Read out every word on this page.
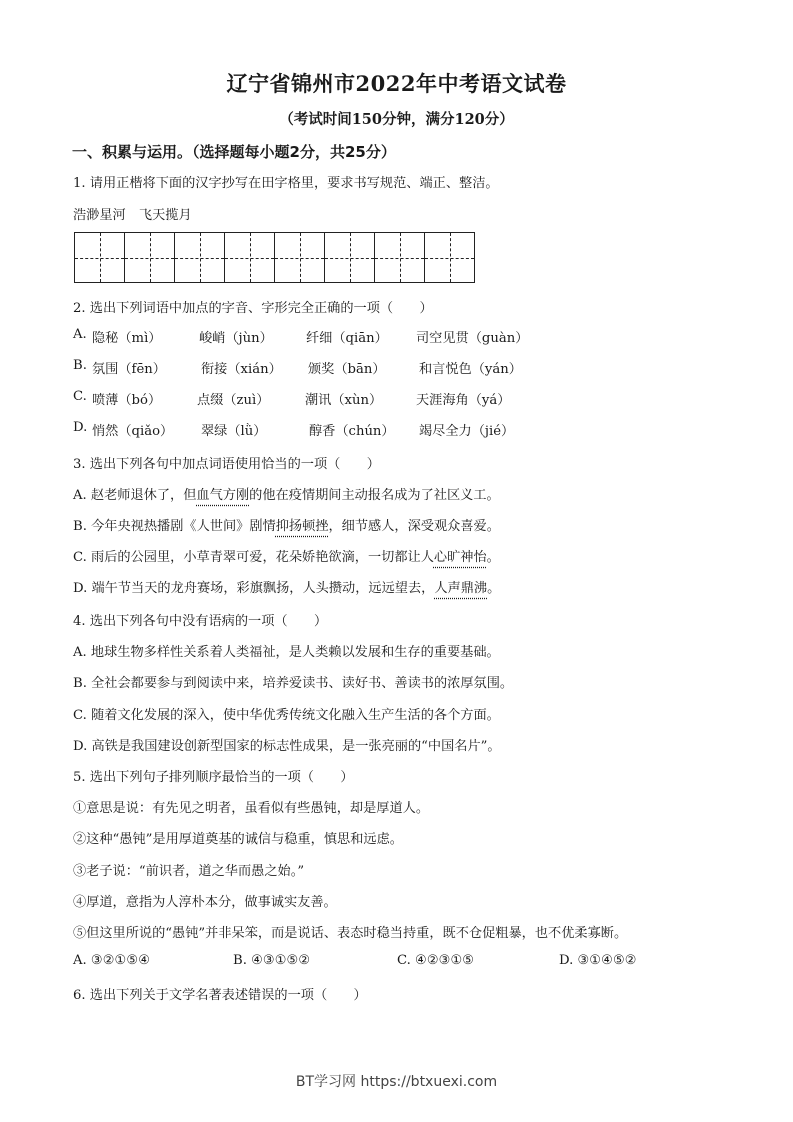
辽宁省锦州市2022年中考语文试卷
（考试时间150分钟，满分120分）
一、积累与运用。（选择题每小题2分，共25分）
1. 请用正楷将下面的汉字抄写在田字格里，要求书写规范、端正、整洁。
浩渺星河　飞天揽月
2. 选出下列词语中加点的字音、字形完全正确的一项（　　）
A. 隐秘（mì）	峻峭（jùn）	纤细（qiān） 司空见贯（guàn）
B. 氛围（fēn）	衔接（xián） 颁奖（bān）	和言悦色（yán）
C. 喷薄（bó）	点缀（zuì）	潮讯（xùn）	天涯海角（yá）
D. 悄然（qiǎo） 翠绿（lǜ）	醇香（chún） 竭尽全力（jié）
3. 选出下列各句中加点词语使用恰当的一项（　　）
A. 赵老师退休了，但血气方刚的他在疫情期间主动报名成为了社区义工。
B. 今年央视热播剧《人世间》剧情抑扬顿挫，细节感人，深受观众喜爱。
C. 雨后的公园里，小草青翠可爱，花朵娇艳欲滴，一切都让人心旷神怡。
D. 端午节当天的龙舟赛场，彩旗飘扬，人头攒动，远远望去，人声鼎沸。
4. 选出下列各句中没有语病的一项（　　）
A. 地球生物多样性关系着人类福祉，是人类赖以发展和生存的重要基础。
B. 全社会都要参与到阅读中来，培养爱读书、读好书、善读书的浓厚氛围。
C. 随着文化发展的深入，使中华优秀传统文化融入生产生活的各个方面。
D. 高铁是我国建设创新型国家的标志性成果，是一张亮丽的“中国名片”。
5. 选出下列句子排列顺序最恰当的一项（　　）
①意思是说：有先见之明者，虽看似有些愚钝，却是厚道人。
②这种“愚钝”是用厚道奠基的诚信与稳重，慎思和远虑。
③老子说：“前识者，道之华而愚之始。”
④厚道，意指为人淳朴本分，做事诚实友善。
⑤但这里所说的“愚钝”并非呆笨，而是说话、表态时稳当持重，既不仓促粗暴，也不优柔寡断。
A. ③②①⑤④	B. ④③①⑤②	C. ④②③①⑤	D. ③①④⑤②
6. 选出下列关于文学名著表述错误的一项（　　）
BT学习网 https://btxuexi.com
